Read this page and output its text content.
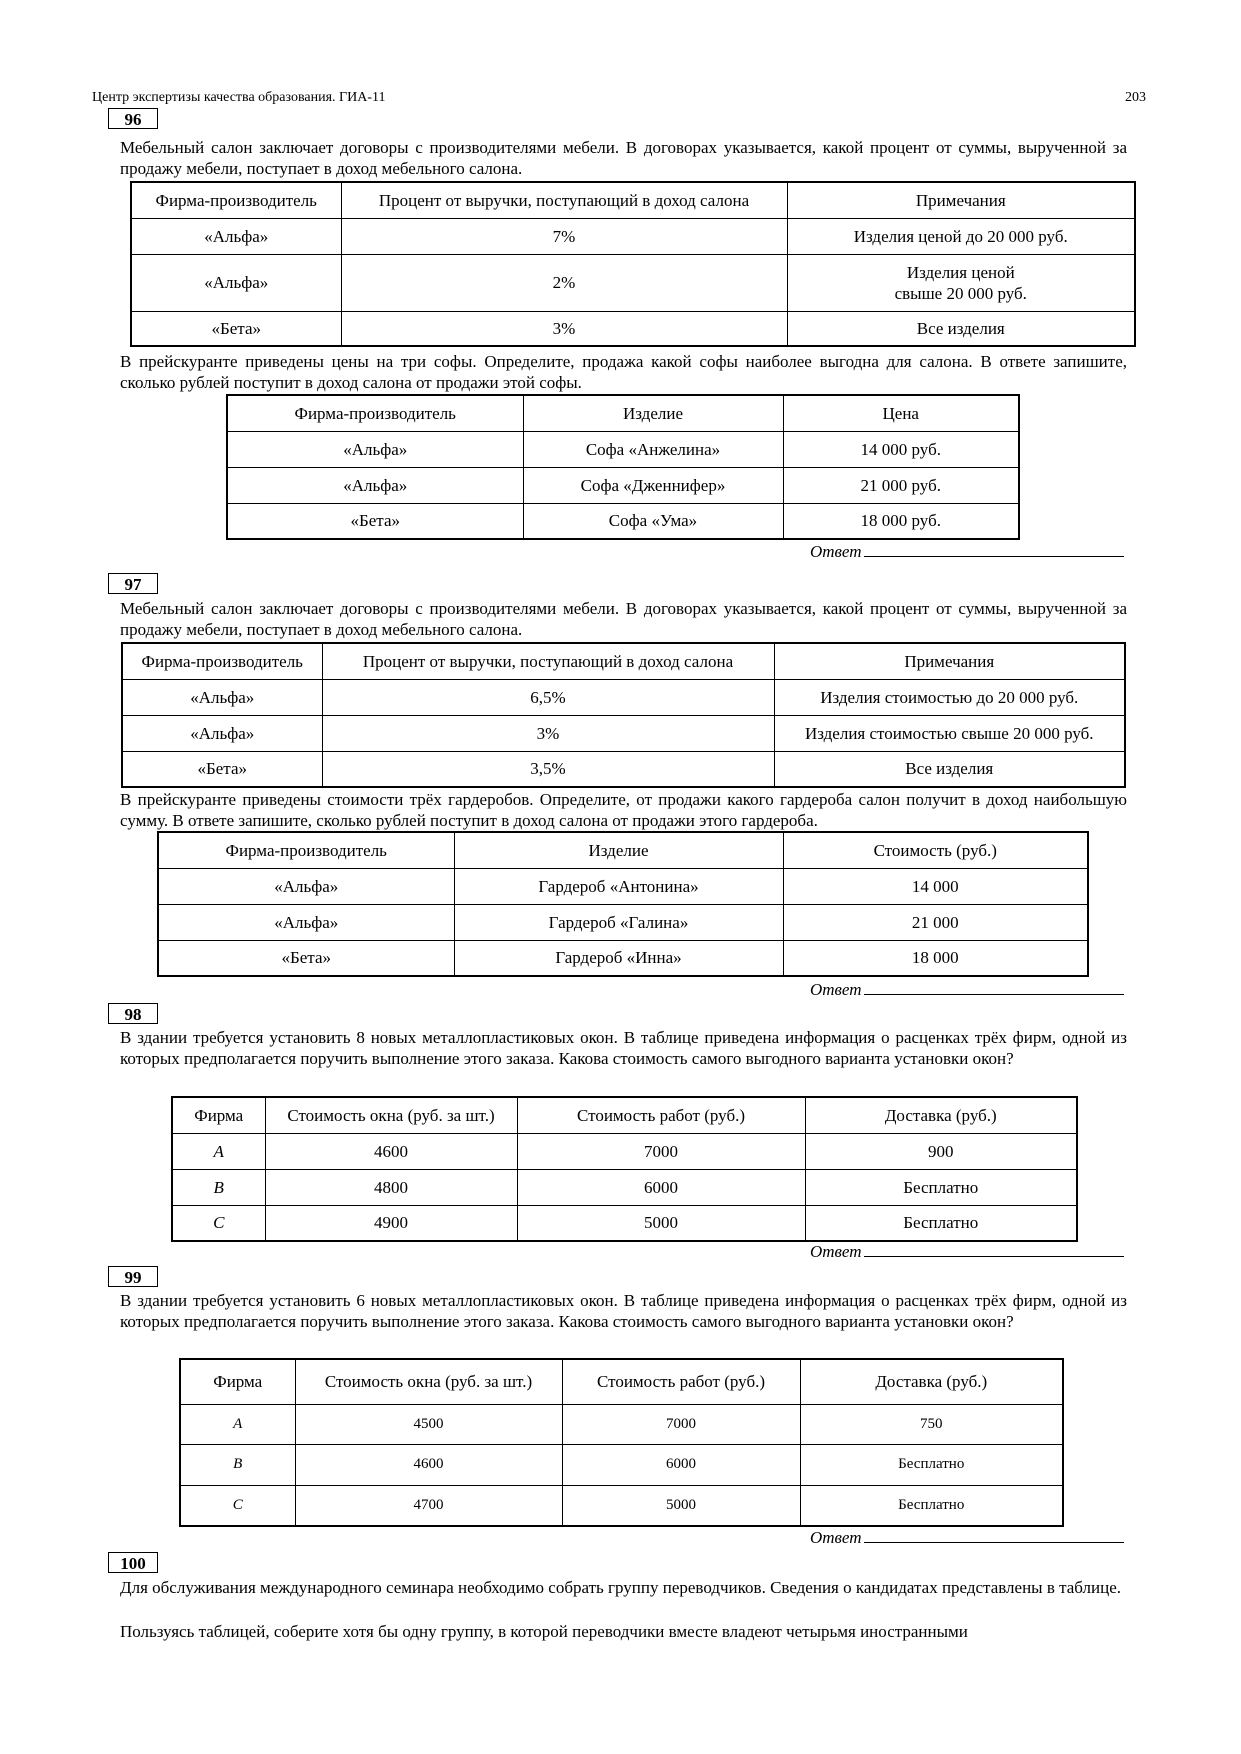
Центр экспертизы качества образования. ГИА-11	203
96
Мебельный салон заключает договоры с производителями мебели. В договорах указывается, какой процент от суммы, вырученной за продажу мебели, поступает в доход мебельного салона.
Фирма-производитель	Процент от выручки, поступающий в доход салона	Примечания
«Альфа»	7%	Изделия ценой до 20 000 руб.
«Альфа»	2%	Изделия ценой
свыше 20 000 руб.
«Бета»	3%	Все изделия
В прейскуранте приведены цены на три софы. Определите, продажа какой софы наиболее выгодна для салона. В ответе запишите, сколько рублей поступит в доход салона от продажи этой софы.
Фирма-производитель	Изделие	Цена
«Альфа»	Софа «Анжелина»	14 000 руб.
«Альфа»	Софа «Дженнифер»	21 000 руб.
«Бета»	Софа «Ума»	18 000 руб.
Ответ
97
Мебельный салон заключает договоры с производителями мебели. В договорах указывается, какой процент от суммы, вырученной за продажу мебели, поступает в доход мебельного салона.
Фирма-производитель	Процент от выручки, поступающий в доход салона	Примечания
«Альфа»	6,5%	Изделия стоимостью до 20 000 руб.
«Альфа»	3%	Изделия стоимостью свыше 20 000 руб.
«Бета»	3,5%	Все изделия
В прейскуранте приведены стоимости трёх гардеробов. Определите, от продажи какого гардероба салон получит в доход наибольшую сумму. В ответе запишите, сколько рублей поступит в доход салона от продажи этого гардероба.
Фирма-производитель	Изделие	Стоимость (руб.)
«Альфа»	Гардероб «Антонина»	14 000
«Альфа»	Гардероб «Галина»	21 000
«Бета»	Гардероб «Инна»	18 000
Ответ
98
В здании требуется установить 8 новых металлопластиковых окон. В таблице приведена информация о расценках трёх фирм, одной из которых предполагается поручить выполнение этого заказа. Какова стоимость самого выгодного варианта установки окон?
Фирма	Стоимость окна (руб. за шт.)	Стоимость работ (руб.)	Доставка (руб.)
A	4600	7000	900
B	4800	6000	Бесплатно
C	4900	5000	Бесплатно
Ответ
99
В здании требуется установить 6 новых металлопластиковых окон. В таблице приведена информация о расценках трёх фирм, одной из которых предполагается поручить выполнение этого заказа. Какова стоимость самого выгодного варианта установки окон?
Фирма	Стоимость окна (руб. за шт.)	Стоимость работ (руб.)	Доставка (руб.)
A	4500	7000	750
B	4600	6000	Бесплатно
C	4700	5000	Бесплатно
Ответ
100
Для обслуживания международного семинара необходимо собрать группу переводчиков. Сведения о кандидатах представлены в таблице.
Пользуясь таблицей, соберите хотя бы одну группу, в которой переводчики вместе владеют четырьмя иностранными
